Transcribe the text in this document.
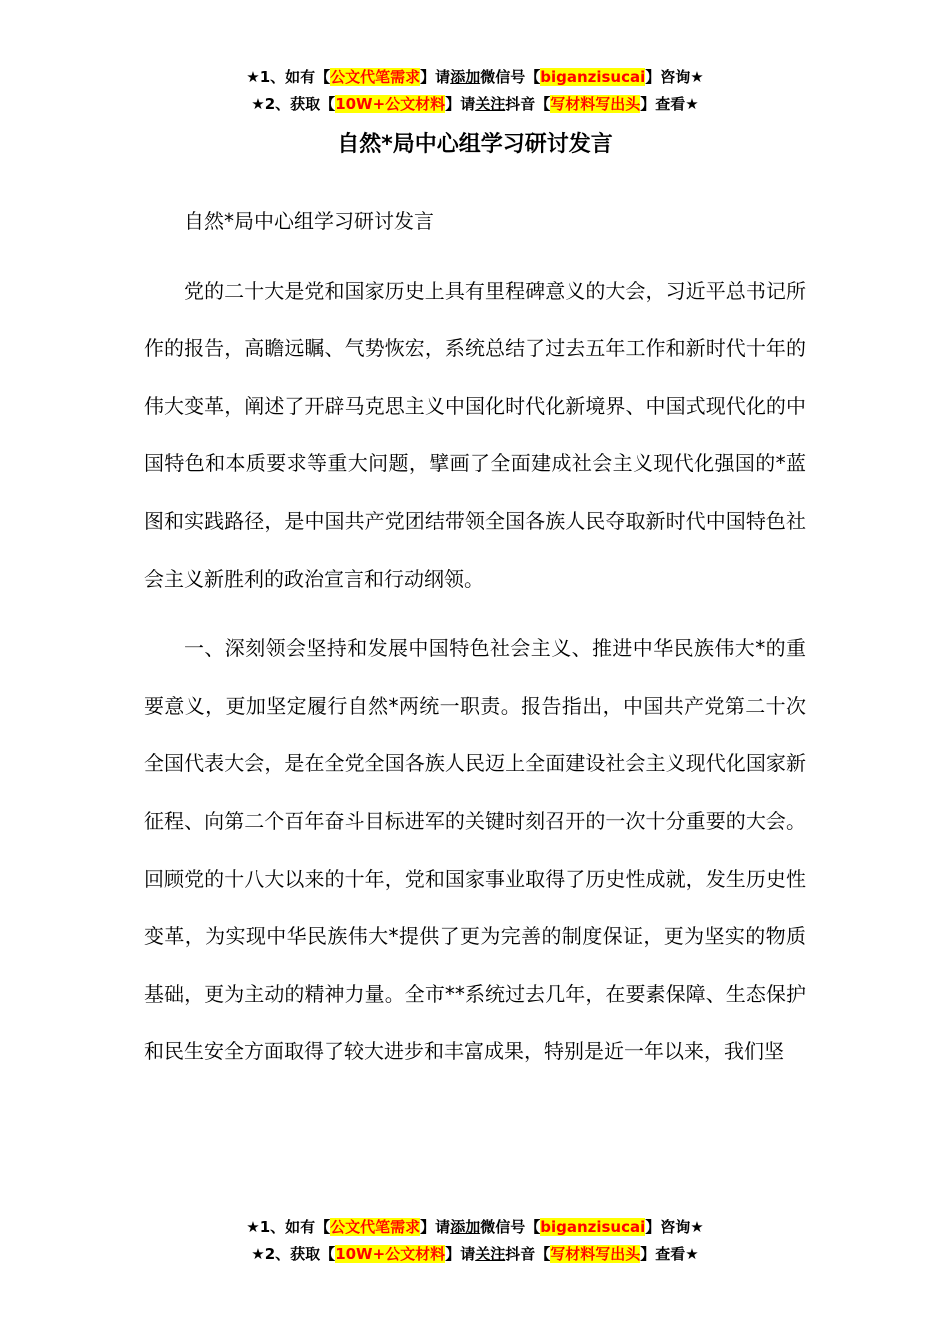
★1、如有【公文代笔需求】请添加微信号【biganzisucai】咨询★
★2、获取【10W+公文材料】请关注抖音【写材料写出头】查看★
自然*局中心组学习研讨发言

自然*局中心组学习研讨发言

党的二十大是党和国家历史上具有里程碑意义的大会，习近平总书记所作的报告，高瞻远瞩、气势恢宏，系统总结了过去五年工作和新时代十年的伟大变革，阐述了开辟马克思主义中国化时代化新境界、中国式现代化的中国特色和本质要求等重大问题，擘画了全面建成社会主义现代化强国的*蓝图和实践路径，是中国共产党团结带领全国各族人民夺取新时代中国特色社会主义新胜利的政治宣言和行动纲领。

一、深刻领会坚持和发展中国特色社会主义、推进中华民族伟大*的重要意义，更加坚定履行自然*两统一职责。报告指出，中国共产党第二十次全国代表大会，是在全党全国各族人民迈上全面建设社会主义现代化国家新征程、向第二个百年奋斗目标进军的关键时刻召开的一次十分重要的大会。回顾党的十八大以来的十年，党和国家事业取得了历史性成就，发生历史性变革，为实现中华民族伟大*提供了更为完善的制度保证，更为坚实的物质基础，更为主动的精神力量。全市**系统过去几年，在要素保障、生态保护和民生安全方面取得了较大进步和丰富成果，特别是近一年以来，我们坚

★1、如有【公文代笔需求】请添加微信号【biganzisucai】咨询★
★2、获取【10W+公文材料】请关注抖音【写材料写出头】查看★
